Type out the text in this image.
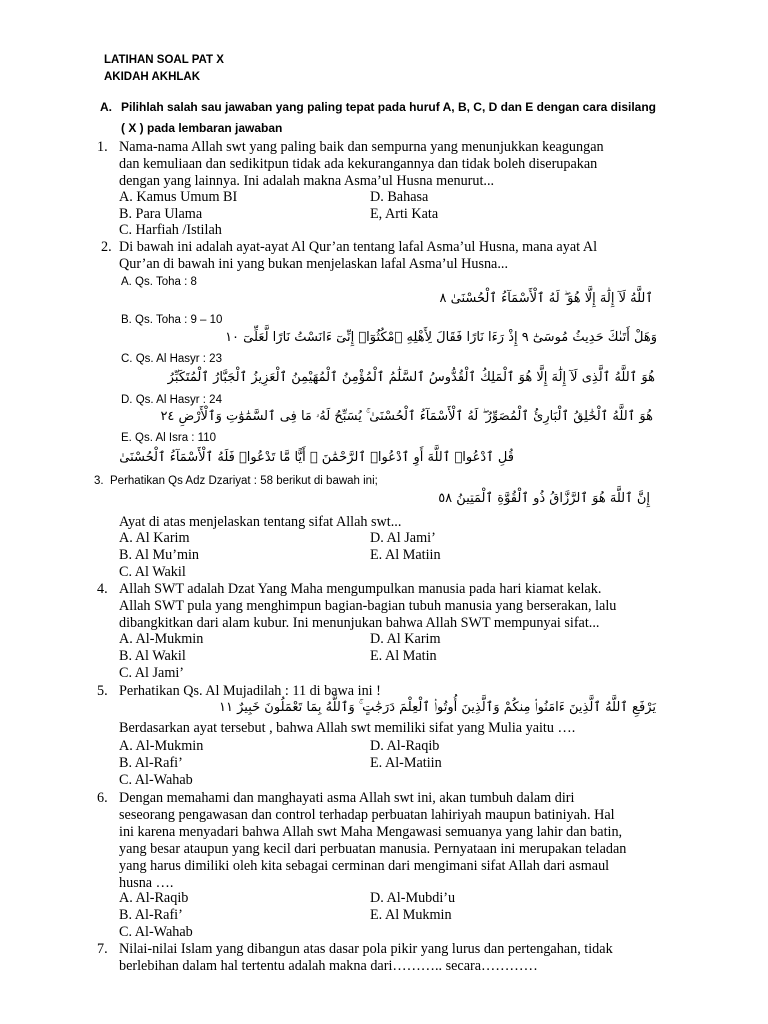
LATIHAN SOAL PAT X
AKIDAH AKHLAK
A. Pilihlah salah sau jawaban yang paling tepat pada huruf A, B, C, D dan E dengan cara disilang
( X ) pada lembaran jawaban
1. Nama-nama Allah swt yang paling baik dan sempurna yang menunjukkan keagungan
dan kemuliaan dan sedikitpun tidak ada kekurangannya dan tidak boleh diserupakan
dengan yang lainnya. Ini adalah makna Asma’ul Husna menurut...
A. Kamus Umum BI	D. Bahasa
B. Para Ulama	E, Arti Kata
C. Harfiah /Istilah
2. Di bawah ini adalah ayat-ayat Al Qur’an tentang lafal Asma’ul Husna, mana ayat Al
Qur’an di bawah ini yang bukan menjelaskan lafal Asma’ul Husna...
A. Qs. Toha : 8
ٱللَّهُ لَآ إِلَٰهَ إِلَّا هُوَ ۖ لَهُ ٱلْأَسْمَآءُ ٱلْحُسْنَىٰ ٨
B. Qs. Toha : 9 – 10
وَهَلْ أَتَىٰكَ حَدِيثُ مُوسَىٰٓ ٩ إِذْ رَءَا نَارًا فَقَالَ لِأَهْلِهِ ٱمْكُثُوٓا۟ إِنِّىٓ ءَانَسْتُ نَارًا لَّعَلِّىٓ ١٠
C. Qs. Al Hasyr : 23
هُوَ ٱللَّهُ ٱلَّذِى لَآ إِلَٰهَ إِلَّا هُوَ ٱلْمَلِكُ ٱلْقُدُّوسُ ٱلسَّلَٰمُ ٱلْمُؤْمِنُ ٱلْمُهَيْمِنُ ٱلْعَزِيزُ ٱلْجَبَّارُ ٱلْمُتَكَبِّرُ
D. Qs. Al Hasyr : 24
هُوَ ٱللَّهُ ٱلْخَٰلِقُ ٱلْبَارِئُ ٱلْمُصَوِّرُ ۖ لَهُ ٱلْأَسْمَآءُ ٱلْحُسْنَىٰ ۚ يُسَبِّحُ لَهُۥ مَا فِى ٱلسَّمَٰوَٰتِ وَٱلْأَرْضِ ٢٤
E. Qs. Al Isra : 110
قُلِ ٱدْعُوا۟ ٱللَّهَ أَوِ ٱدْعُوا۟ ٱلرَّحْمَٰنَ ۖ أَيًّا مَّا تَدْعُوا۟ فَلَهُ ٱلْأَسْمَآءُ ٱلْحُسْنَىٰ
3. Perhatikan Qs Adz Dzariyat : 58 berikut di bawah ini;
إِنَّ ٱللَّهَ هُوَ ٱلرَّزَّاقُ ذُو ٱلْقُوَّةِ ٱلْمَتِينُ ٥٨
Ayat di atas menjelaskan tentang sifat Allah swt...
A. Al Karim	D. Al Jami’
B. Al Mu’min	E. Al Matiin
C. Al Wakil
4. Allah SWT adalah Dzat Yang Maha mengumpulkan manusia pada hari kiamat kelak.
Allah SWT pula yang menghimpun bagian-bagian tubuh manusia yang berserakan, lalu
dibangkitkan dari alam kubur. Ini menunjukan bahwa Allah SWT mempunyai sifat...
A. Al-Mukmin	D. Al Karim
B. Al Wakil	E. Al Matin
C. Al Jami’
5. Perhatikan Qs. Al Mujadilah : 11 di bawa ini !
يَرْفَعِ ٱللَّهُ ٱلَّذِينَ ءَامَنُوا۟ مِنكُمْ وَٱلَّذِينَ أُوتُوا۟ ٱلْعِلْمَ دَرَجَٰتٍ ۚ وَٱللَّهُ بِمَا تَعْمَلُونَ خَبِيرٌ ١١
Berdasarkan ayat tersebut , bahwa Allah swt memiliki sifat yang Mulia yaitu ….
A. Al-Mukmin	D. Al-Raqib
B. Al-Rafi’	E. Al-Matiin
C. Al-Wahab
6. Dengan memahami dan manghayati asma Allah swt ini, akan tumbuh dalam diri
seseorang pengawasan dan control terhadap perbuatan lahiriyah maupun batiniyah. Hal
ini karena menyadari bahwa Allah swt Maha Mengawasi semuanya yang lahir dan batin,
yang besar ataupun yang kecil dari perbuatan manusia. Pernyataan ini merupakan teladan
yang harus dimiliki oleh kita sebagai cerminan dari mengimani sifat Allah dari asmaul
husna ….
A. Al-Raqib	D. Al-Mubdi’u
B. Al-Rafi’	E. Al Mukmin
C. Al-Wahab
7. Nilai-nilai Islam yang dibangun atas dasar pola pikir yang lurus dan pertengahan, tidak
berlebihan dalam hal tertentu adalah makna dari……….. secara…………
